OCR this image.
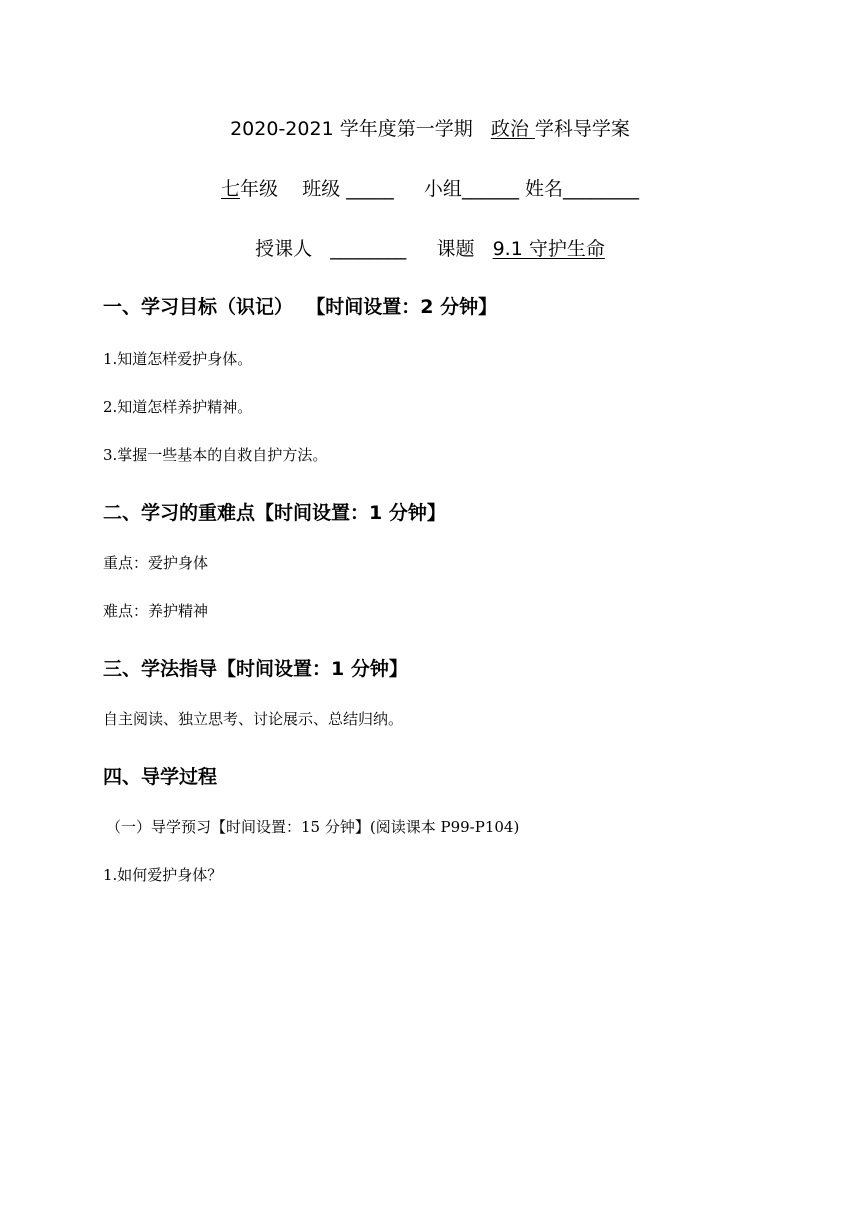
2020-2021 学年度第一学期   政治 学科导学案
七年级    班级 _____     小组______ 姓名________
授课人   ________     课题   9.1 守护生命
一、学习目标（识记）  【时间设置：2 分钟】
1.知道怎样爱护身体。
2.知道怎样养护精神。
3.掌握一些基本的自救自护方法。
二、学习的重难点【时间设置：1 分钟】
重点：爱护身体
难点：养护精神
三、学法指导【时间设置：1 分钟】
自主阅读、独立思考、讨论展示、总结归纳。
四、导学过程
（一）导学预习【时间设置：15 分钟】(阅读课本 P99-P104)
1.如何爱护身体？
